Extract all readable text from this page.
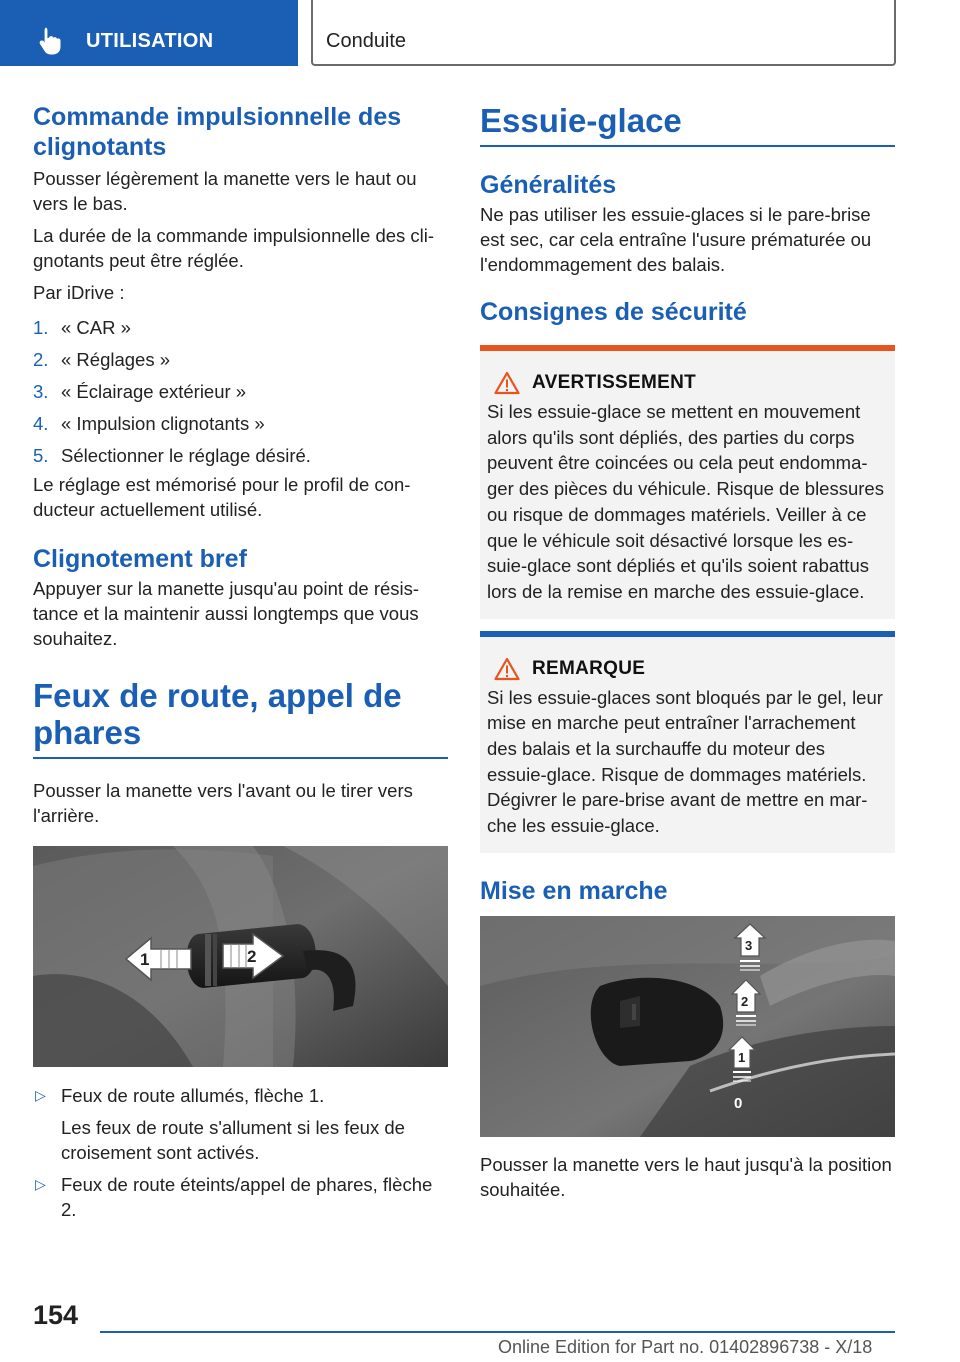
UTILISATION	Conduite
Commande impulsionnelle des clignotants

Pousser légèrement la manette vers le haut ou vers le bas.

La durée de la commande impulsionnelle des clignotants peut être réglée.

Par iDrive :

1. « CAR »
2. « Réglages »
3. « Éclairage extérieur »
4. « Impulsion clignotants »
5. Sélectionner le réglage désiré.

Le réglage est mémorisé pour le profil de conducteur actuellement utilisé.

Clignotement bref

Appuyer sur la manette jusqu'au point de résistance et la maintenir aussi longtemps que vous souhaitez.

Feux de route, appel de phares

Pousser la manette vers l'avant ou le tirer vers l'arrière.

1	2
▷ Feux de route allumés, flèche 1.

Les feux de route s'allument si les feux de croisement sont activés.

▷ Feux de route éteints/appel de phares, flèche 2.
Essuie-glace
Généralités

Ne pas utiliser les essuie-glaces si le pare-brise est sec, car cela entraîne l'usure prématurée ou l'endommagement des balais.

Consignes de sécurité
AVERTISSEMENT

Si les essuie-glace se mettent en mouvement alors qu'ils sont dépliés, des parties du corps peuvent être coincées ou cela peut endommager des pièces du véhicule. Risque de blessures ou risque de dommages matériels. Veiller à ce que le véhicule soit désactivé lorsque les essuie-glace sont dépliés et qu'ils soient rabattus lors de la remise en marche des essuie-glace.

REMARQUE

Si les essuie-glaces sont bloqués par le gel, leur mise en marche peut entraîner l'arrachement des balais et la surchauffe du moteur des essuie-glace. Risque de dommages matériels. Dégivrer le pare-brise avant de mettre en marche les essuie-glace.

Mise en marche
3
2
1
0

Pousser la manette vers le haut jusqu'à la position souhaitée.

154
Online Edition for Part no. 01402896738 - X/18
